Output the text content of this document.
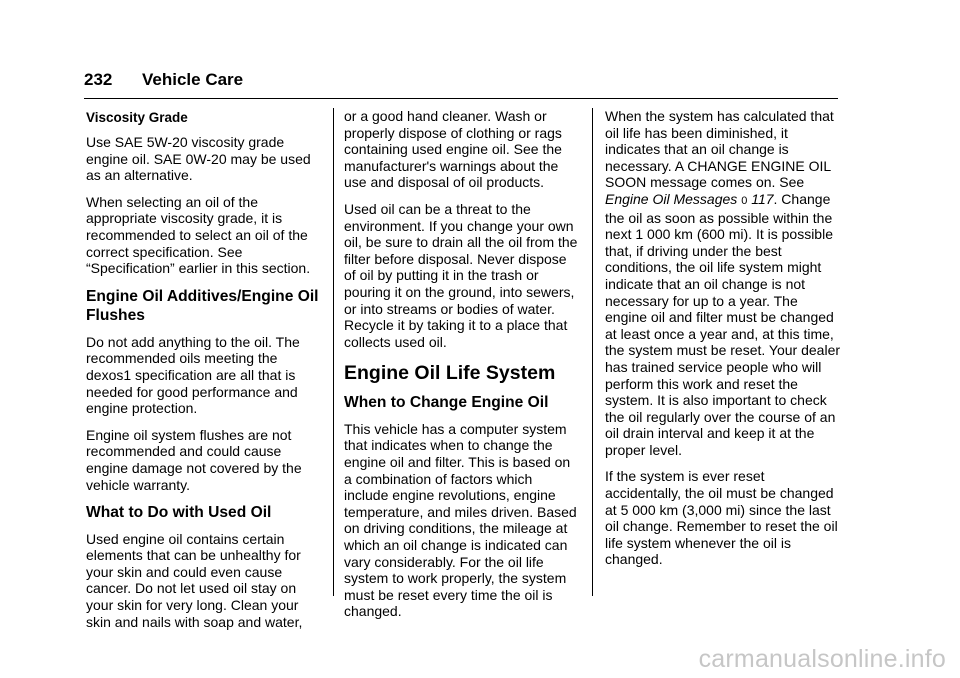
232 Vehicle Care
Viscosity Grade

Use SAE 5W-20 viscosity grade engine oil. SAE 0W-20 may be used as an alternative.

When selecting an oil of the appropriate viscosity grade, it is recommended to select an oil of the correct specification. See “Specification” earlier in this section.

Engine Oil Additives/Engine Oil Flushes

Do not add anything to the oil. The recommended oils meeting the dexos1 specification are all that is needed for good performance and engine protection.

Engine oil system flushes are not recommended and could cause engine damage not covered by the vehicle warranty.

What to Do with Used Oil

Used engine oil contains certain elements that can be unhealthy for your skin and could even cause cancer. Do not let used oil stay on your skin for very long. Clean your skin and nails with soap and water,

or a good hand cleaner. Wash or properly dispose of clothing or rags containing used engine oil. See the manufacturer's warnings about the use and disposal of oil products.

Used oil can be a threat to the environment. If you change your own oil, be sure to drain all the oil from the filter before disposal. Never dispose of oil by putting it in the trash or pouring it on the ground, into sewers, or into streams or bodies of water. Recycle it by taking it to a place that collects used oil.

Engine Oil Life System
When to Change Engine Oil

This vehicle has a computer system that indicates when to change the engine oil and filter. This is based on a combination of factors which include engine revolutions, engine temperature, and miles driven. Based on driving conditions, the mileage at which an oil change is indicated can vary considerably. For the oil life system to work properly, the system must be reset every time the oil is changed.

When the system has calculated that oil life has been diminished, it indicates that an oil change is necessary. A CHANGE ENGINE OIL SOON message comes on. See Engine Oil Messages 0 117. Change the oil as soon as possible within the next 1 000 km (600 mi). It is possible that, if driving under the best conditions, the oil life system might indicate that an oil change is not necessary for up to a year. The engine oil and filter must be changed at least once a year and, at this time, the system must be reset. Your dealer has trained service people who will perform this work and reset the system. It is also important to check the oil regularly over the course of an oil drain interval and keep it at the proper level.

If the system is ever reset accidentally, the oil must be changed at 5 000 km (3,000 mi) since the last oil change. Remember to reset the oil life system whenever the oil is changed.

carmanualsonline.info
